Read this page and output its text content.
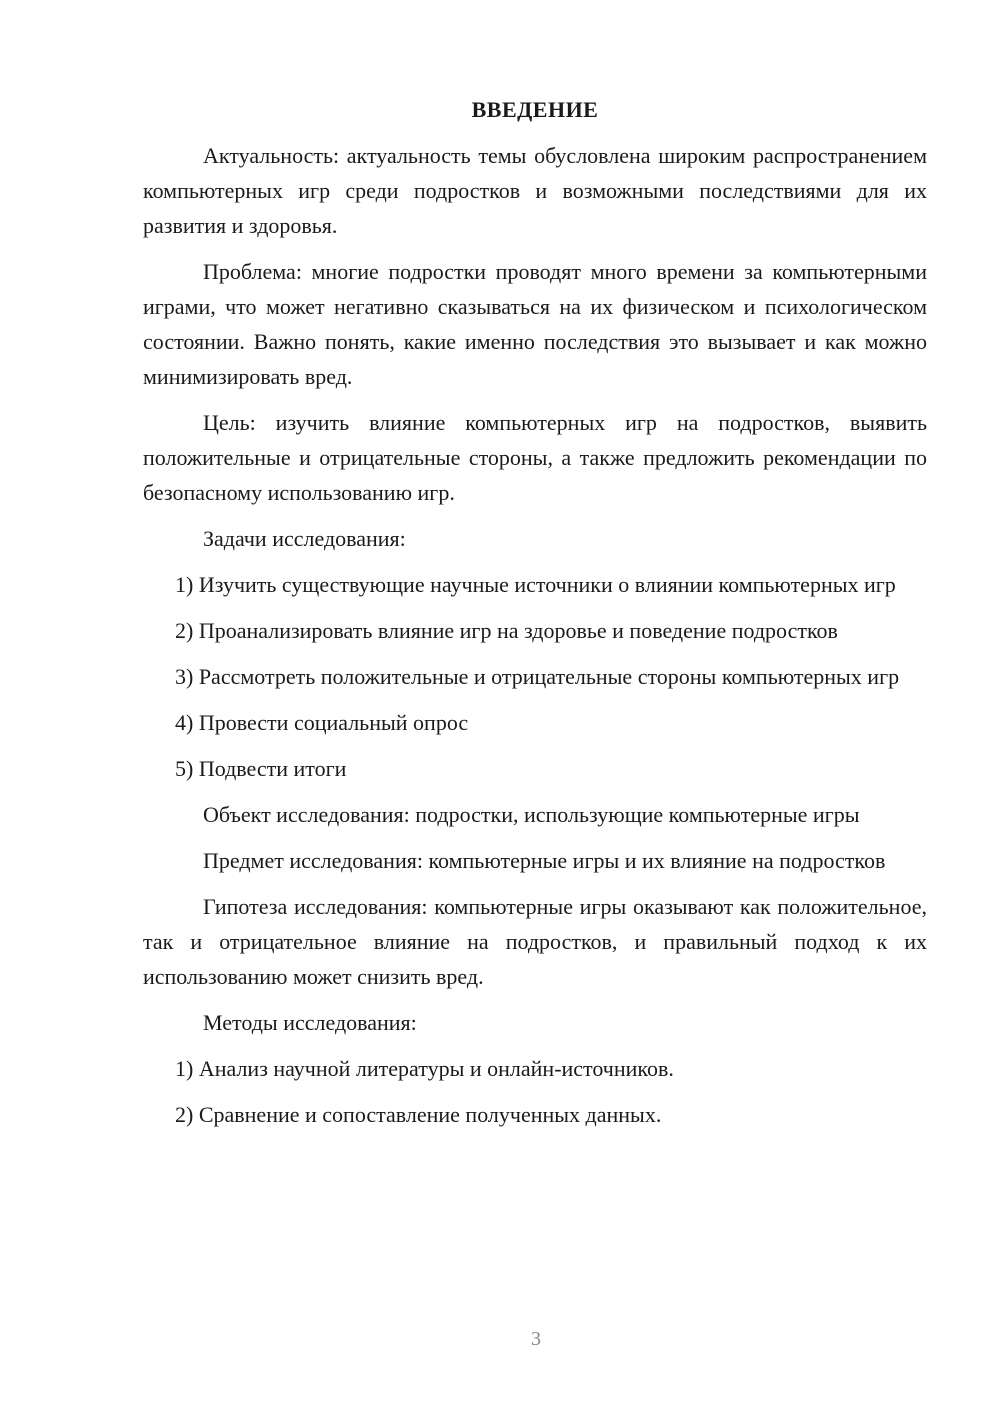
ВВЕДЕНИЕ

Актуальность: актуальность темы обусловлена широким распространением компьютерных игр среди подростков и возможными последствиями для их развития и здоровья.

Проблема: многие подростки проводят много времени за компьютерными играми, что может негативно сказываться на их физическом и психологическом состоянии. Важно понять, какие именно последствия это вызывает и как можно минимизировать вред.

Цель: изучить влияние компьютерных игр на подростков, выявить положительные и отрицательные стороны, а также предложить рекомендации по безопасному использованию игр.

Задачи исследования:

1) Изучить существующие научные источники о влиянии компьютерных игр

2) Проанализировать влияние игр на здоровье и поведение подростков

3) Рассмотреть положительные и отрицательные стороны компьютерных игр

4) Провести социальный опрос

5) Подвести итоги

Объект исследования: подростки, использующие компьютерные игры

Предмет исследования: компьютерные игры и их влияние на подростков

Гипотеза исследования: компьютерные игры оказывают как положительное, так и отрицательное влияние на подростков, и правильный подход к их использованию может снизить вред.

Методы исследования:

1) Анализ научной литературы и онлайн-источников.

2) Сравнение и сопоставление полученных данных.

3
